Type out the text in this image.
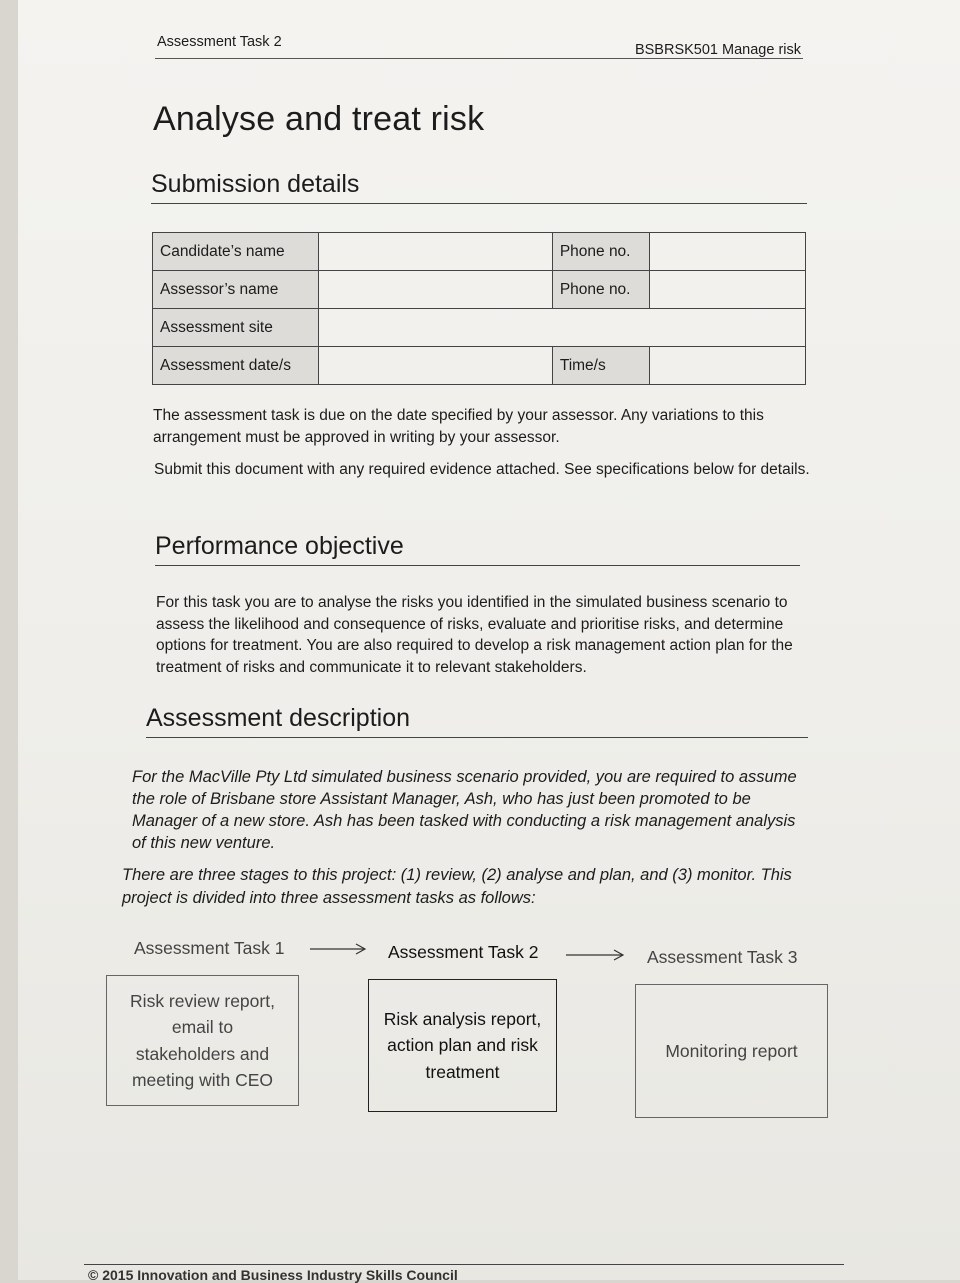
Assessment Task 2	BSBRSK501 Manage risk
Analyse and treat risk
Submission details
Candidate’s name		Phone no.	
Assessor’s name		Phone no.	
Assessment site			
Assessment date/s		Time/s	

The assessment task is due on the date specified by your assessor. Any variations to this arrangement must be approved in writing by your assessor.

Submit this document with any required evidence attached. See specifications below for details.

Performance objective

For this task you are to analyse the risks you identified in the simulated business scenario to assess the likelihood and consequence of risks, evaluate and prioritise risks, and determine options for treatment. You are also required to develop a risk management action plan for the treatment of risks and communicate it to relevant stakeholders.

Assessment description

For the MacVille Pty Ltd simulated business scenario provided, you are required to assume the role of Brisbane store Assistant Manager, Ash, who has just been promoted to be Manager of a new store. Ash has been tasked with conducting a risk management analysis of this new venture.

There are three stages to this project: (1) review, (2) analyse and plan, and (3) monitor. This project is divided into three assessment tasks as follows:

Assessment Task 1	Assessment Task 2	Assessment Task 3
Risk review report, email to stakeholders and meeting with CEO
Risk analysis report, action plan and risk treatment
Monitoring report
© 2015 Innovation and Business Industry Skills Council
